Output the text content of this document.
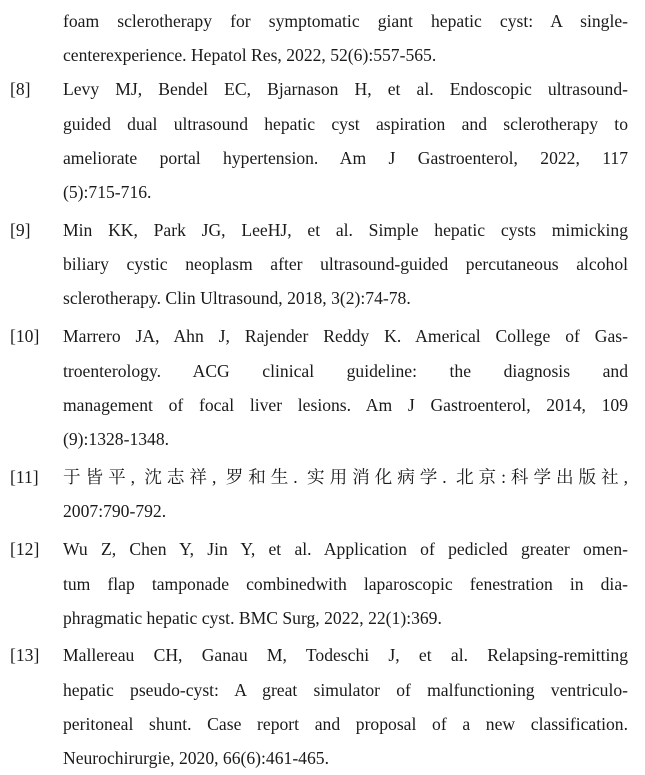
foam sclerotherapy for symptomatic giant hepatic cyst: A single-
centerexperience. Hepatol Res, 2022, 52(6):557-565.
[8] Levy MJ, Bendel EC, Bjarnason H, et al. Endoscopic ultrasound-
guided dual ultrasound hepatic cyst aspiration and sclerotherapy to
ameliorate portal hypertension. Am J Gastroenterol, 2022, 117
(5):715-716.
[9] Min KK, Park JG, LeeHJ, et al. Simple hepatic cysts mimicking
biliary cystic neoplasm after ultrasound-guided percutaneous alcohol
sclerotherapy. Clin Ultrasound, 2018, 3(2):74-78.
[10] Marrero JA, Ahn J, Rajender Reddy K. Americal College of Gas-
troenterology. ACG clinical guideline: the diagnosis and
management of focal liver lesions. Am J Gastroenterol, 2014, 109
(9):1328-1348.
[11] 于皆平, 沈志祥, 罗和生. 实用消化病学. 北京:科学出版社,
2007:790-792.
[12] Wu Z, Chen Y, Jin Y, et al. Application of pedicled greater omen-
tum flap tamponade combinedwith laparoscopic fenestration in dia-
phragmatic hepatic cyst. BMC Surg, 2022, 22(1):369.
[13] Mallereau CH, Ganau M, Todeschi J, et al. Relapsing-remitting
hepatic pseudo-cyst: A great simulator of malfunctioning ventriculo-
peritoneal shunt. Case report and proposal of a new classification.
Neurochirurgie, 2020, 66(6):461-465.
